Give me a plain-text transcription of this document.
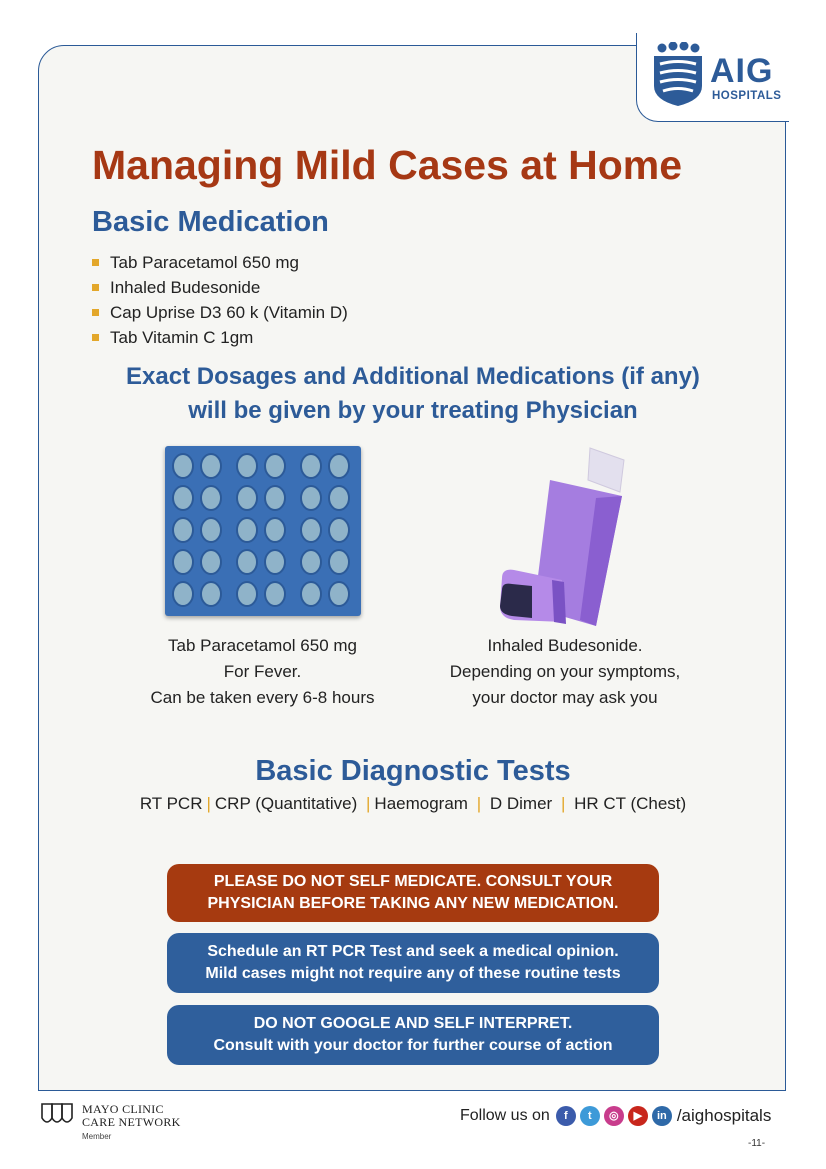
AIG
HOSPITALS
Managing Mild Cases at Home
Basic Medication
Tab Paracetamol 650 mg
Inhaled Budesonide
Cap Uprise D3 60 k (Vitamin D)
Tab Vitamin C 1gm
Exact Dosages and Additional Medications (if any)
will be given by your treating Physician
Tab Paracetamol 650 mg
For Fever.
Can be taken every 6-8 hours
Inhaled Budesonide.
Depending on your symptoms,
your doctor may ask you
Basic Diagnostic Tests
RT PCR | CRP (Quantitative) | Haemogram | D Dimer | HR CT (Chest)
PLEASE DO NOT SELF MEDICATE. CONSULT YOUR
PHYSICIAN BEFORE TAKING ANY NEW MEDICATION.
Schedule an RT PCR Test and seek a medical opinion.
Mild cases might not require any of these routine tests
DO NOT GOOGLE AND SELF INTERPRET.
Consult with your doctor for further course of action
MAYO CLINIC
CARE NETWORK
Member
Follow us on	f	t	◎	▶	in /aighospitals
-11-
